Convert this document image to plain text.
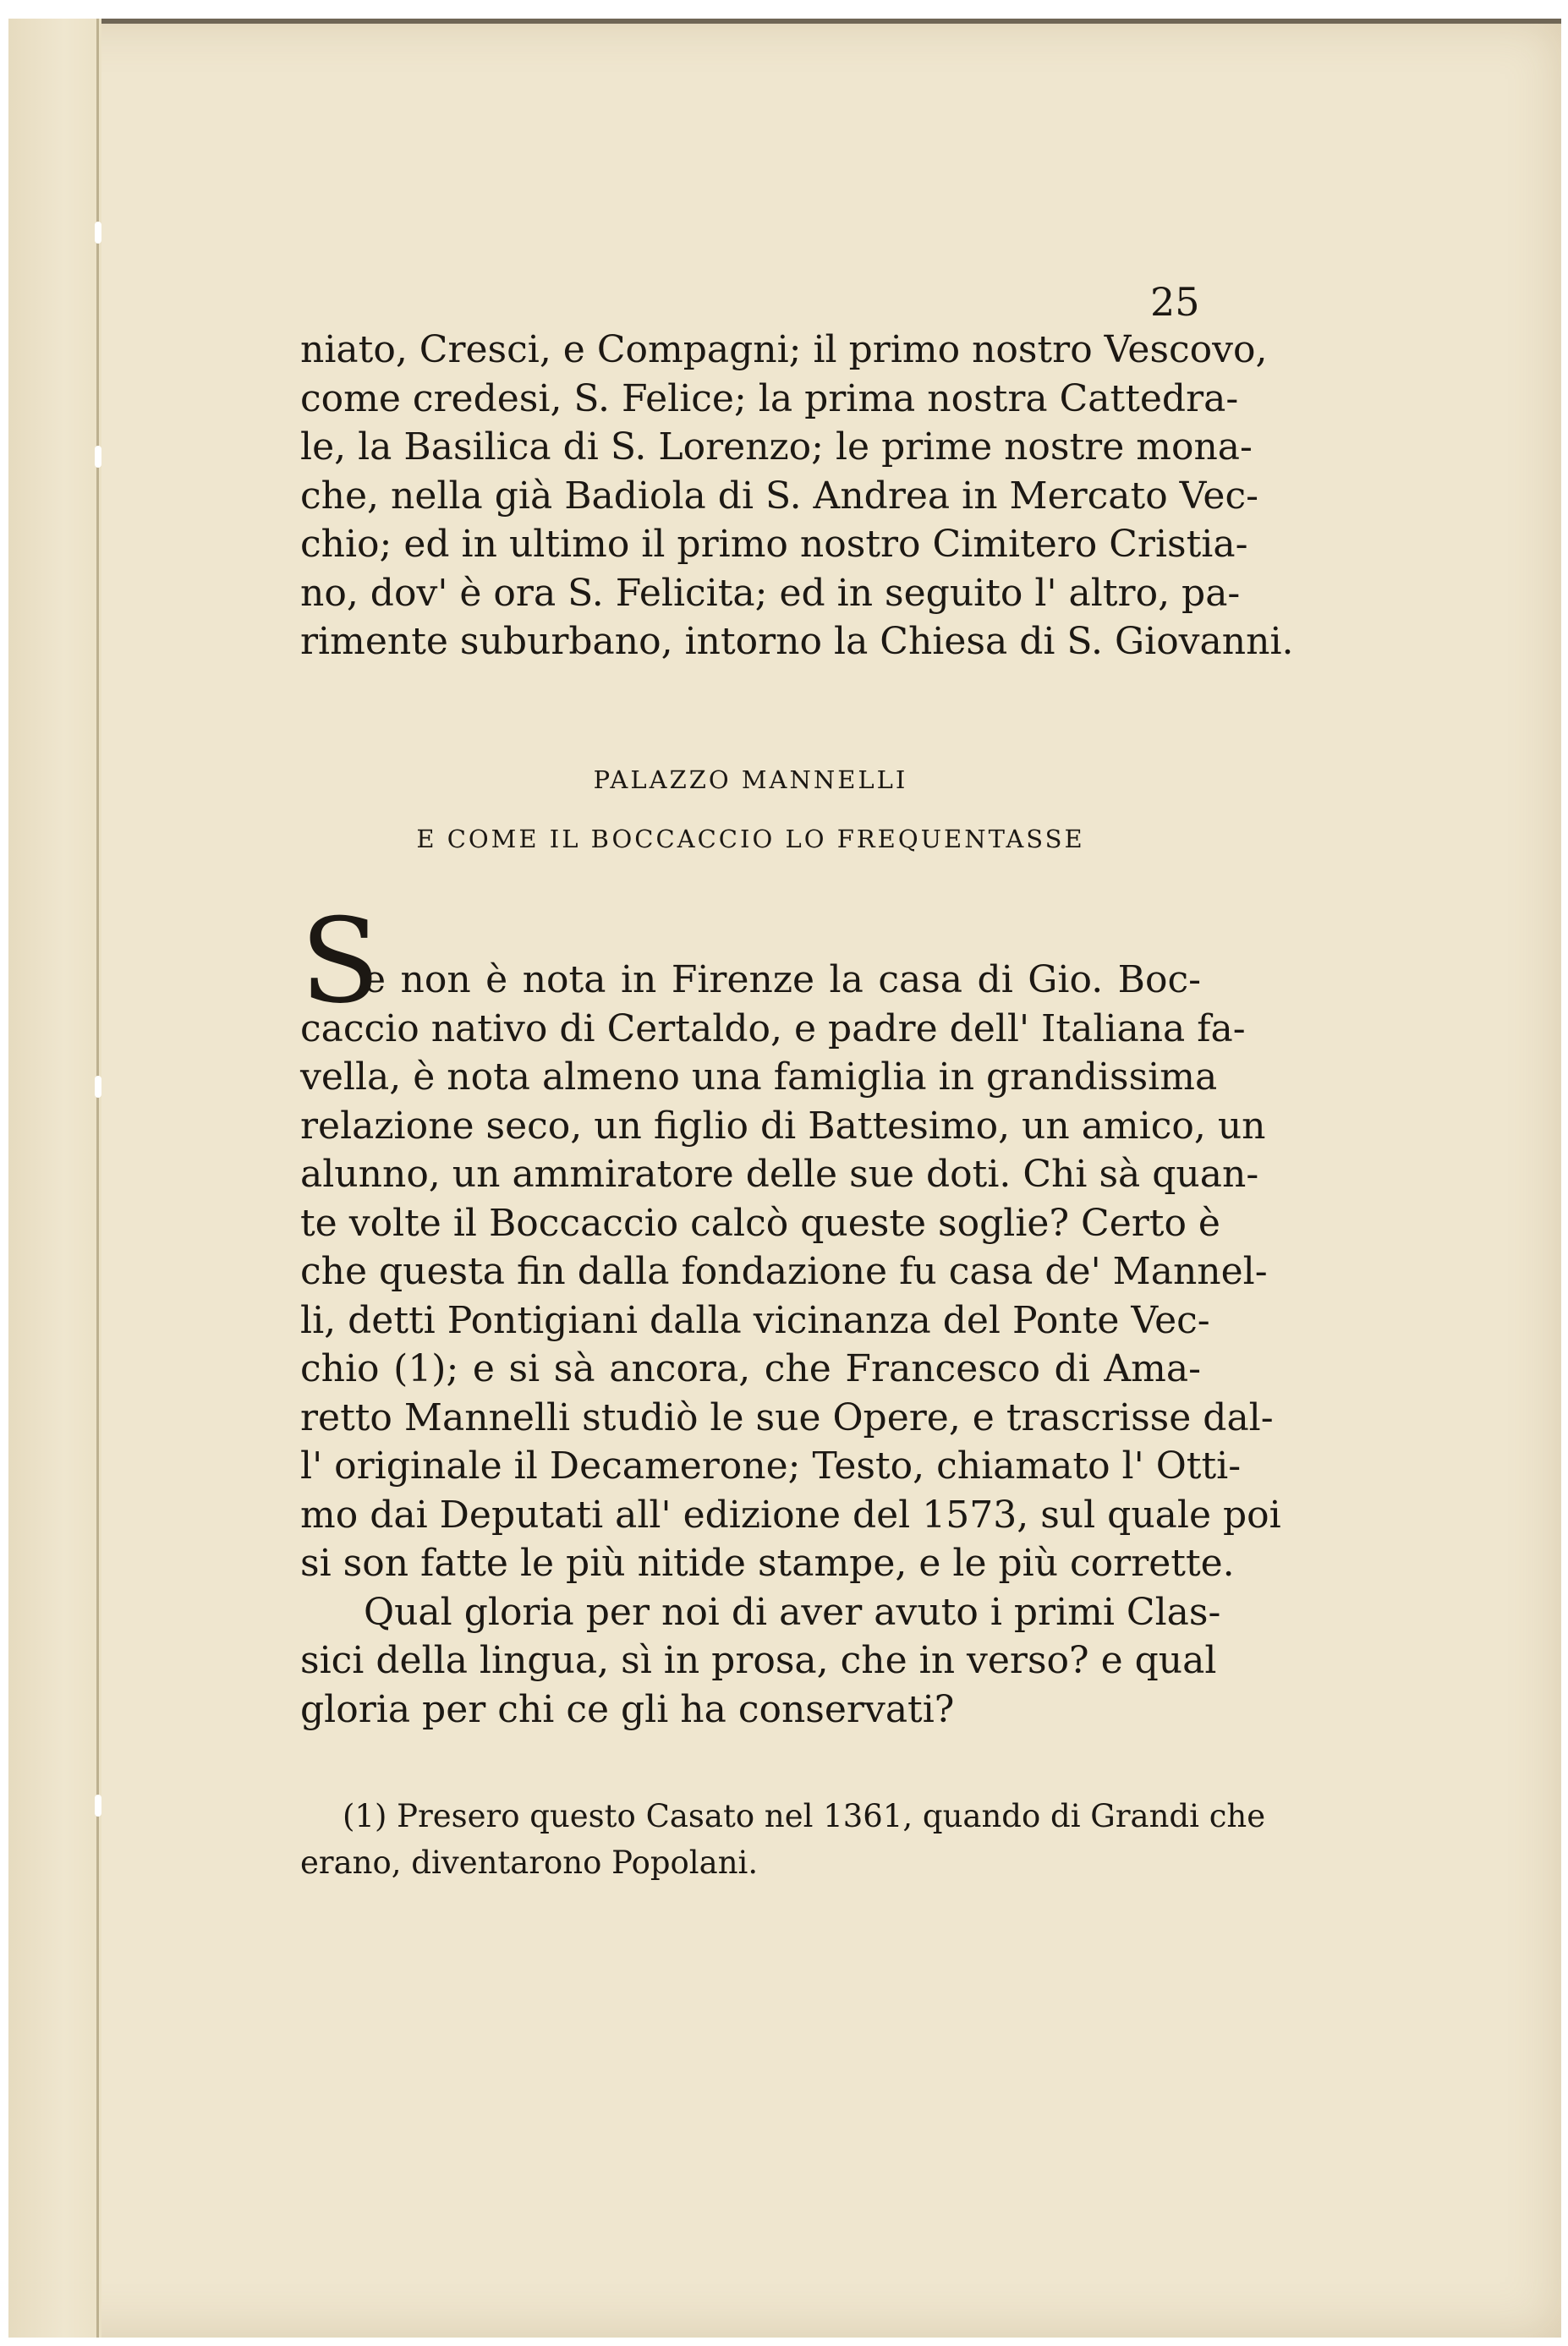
25
niato, Cresci, e Compagni; il primo nostro Vescovo,
come credesi, S. Felice; la prima nostra Cattedra-
le, la Basilica di S. Lorenzo; le prime nostre mona-
che, nella già Badiola di S. Andrea in Mercato Vec-
chio; ed in ultimo il primo nostro Cimitero Cristia-
no, dov' è ora S. Felicita; ed in seguito l' altro, pa-
rimente suburbano, intorno la Chiesa di S. Giovanni.
PALAZZO MANNELLI
E COME IL BOCCACCIO LO FREQUENTASSE
S
e non è nota in Firenze la casa di Gio. Boc-
caccio nativo di Certaldo, e padre dell' Italiana fa-
vella, è nota almeno una famiglia in grandissima
relazione seco, un figlio di Battesimo, un amico, un
alunno, un ammiratore delle sue doti. Chi sà quan-
te volte il Boccaccio calcò queste soglie? Certo è
che questa fin dalla fondazione fu casa de' Mannel-
li, detti Pontigiani dalla vicinanza del Ponte Vec-
chio (1); e si sà ancora, che Francesco di Ama-
retto Mannelli studiò le sue Opere, e trascrisse dal-
l' originale il Decamerone; Testo, chiamato l' Otti-
mo dai Deputati all' edizione del 1573, sul quale poi
si son fatte le più nitide stampe, e le più corrette.
Qual gloria per noi di aver avuto i primi Clas-
sici della lingua, sì in prosa, che in verso? e qual
gloria per chi ce gli ha conservati?
(1) Presero questo Casato nel 1361, quando di Grandi che
erano, diventarono Popolani.
